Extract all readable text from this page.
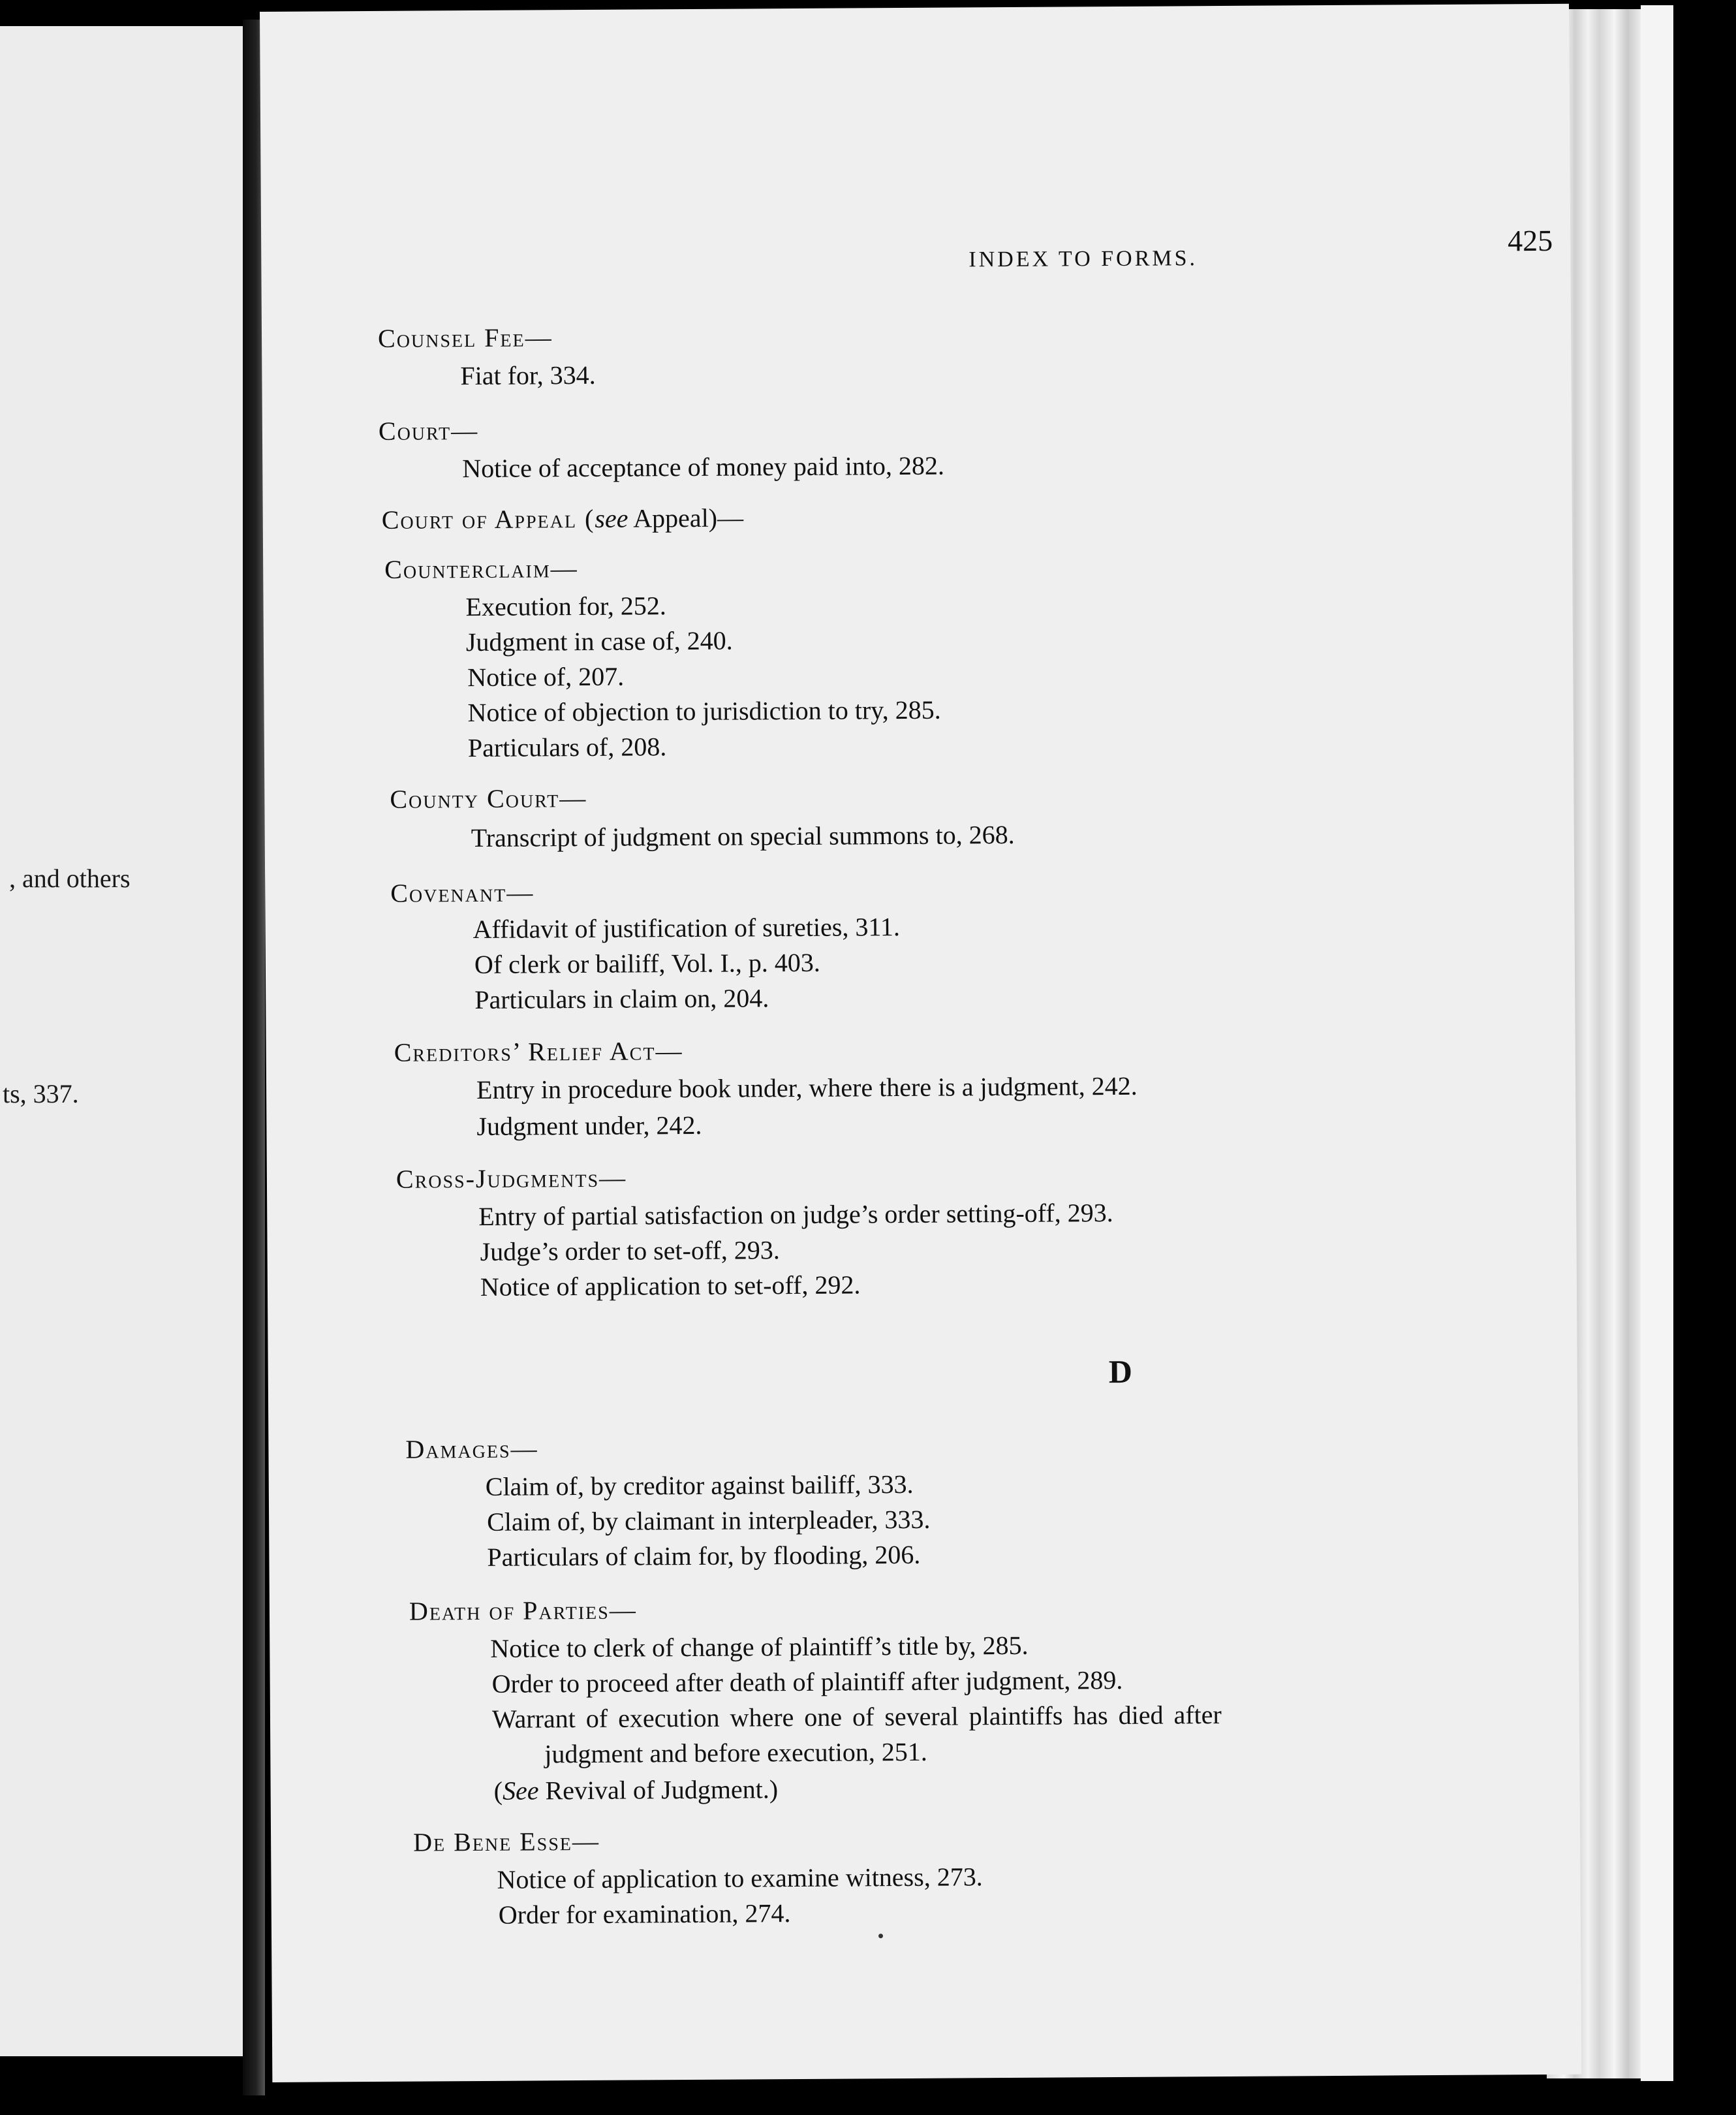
, and others
ts, 337.
INDEX TO FORMS.
425
Counsel Fee—
Fiat for, 334.
Court—
Notice of acceptance of money paid into, 282.
Court of Appeal (see Appeal)—
Counterclaim—
Execution for, 252.
Judgment in case of, 240.
Notice of, 207.
Notice of objection to jurisdiction to try, 285.
Particulars of, 208.
County Court—
Transcript of judgment on special summons to, 268.
Covenant—
Affidavit of justification of sureties, 311.
Of clerk or bailiff, Vol. I., p. 403.
Particulars in claim on, 204.
Creditors’ Relief Act—
Entry in procedure book under, where there is a judgment, 242.
Judgment under, 242.
Cross-Judgments—
Entry of partial satisfaction on judge’s order setting-off, 293.
Judge’s order to set-off, 293.
Notice of application to set-off, 292.
D
Damages—
Claim of, by creditor against bailiff, 333.
Claim of, by claimant in interpleader, 333.
Particulars of claim for, by flooding, 206.
Death of Parties—
Notice to clerk of change of plaintiff’s title by, 285.
Order to proceed after death of plaintiff after judgment, 289.
Warrant of execution where one of several plaintiffs has died after
judgment and before execution, 251.
(See Revival of Judgment.)
De Bene Esse—
Notice of application to examine witness, 273.
Order for examination, 274.
